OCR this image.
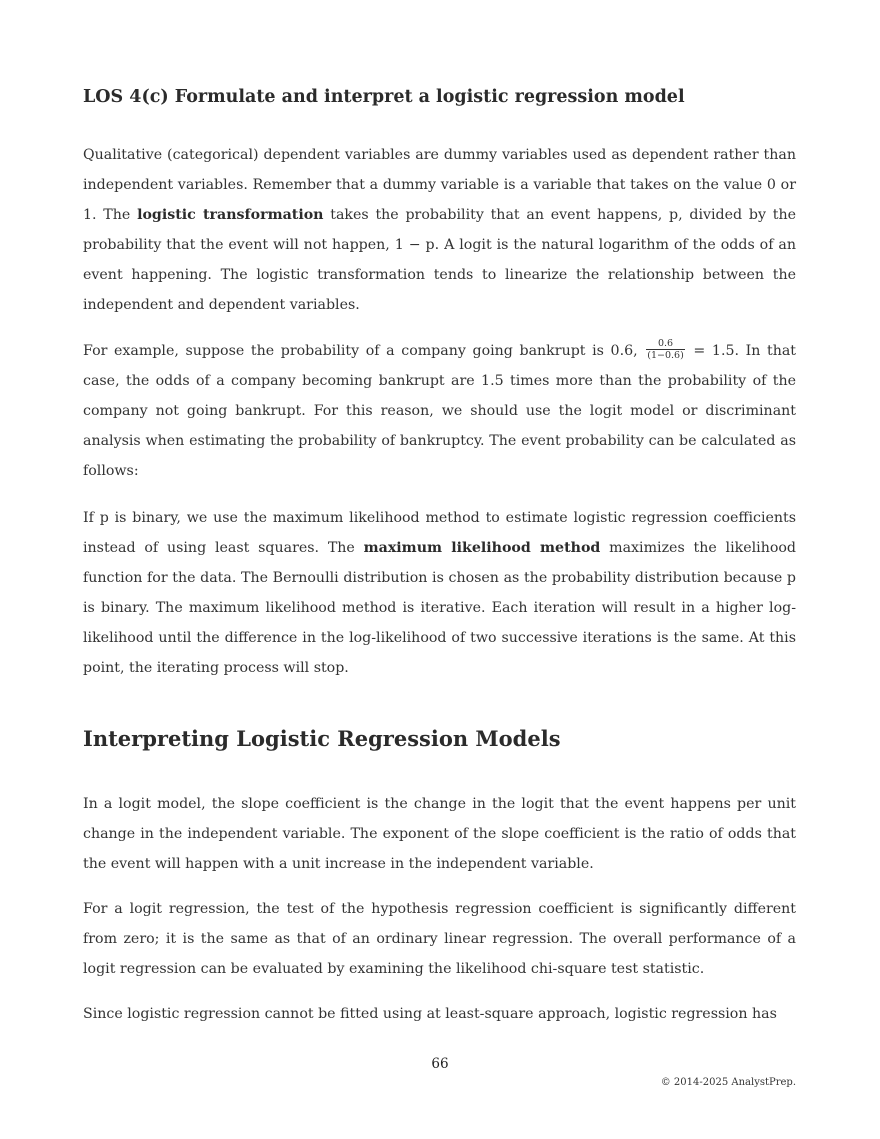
LOS 4(c) Formulate and interpret a logistic regression model

Qualitative (categorical) dependent variables are dummy variables used as dependent rather than independent variables. Remember that a dummy variable is a variable that takes on the value 0 or 1. The logistic transformation takes the probability that an event happens, p, divided by the probability that the event will not happen, 1 − p. A logit is the natural logarithm of the odds of an event happening. The logistic transformation tends to linearize the relationship between the independent and dependent variables.

For example, suppose the probability of a company going bankrupt is 0.6, $\frac{0.6}{(1-0.6)} = 1.5$. In that case, the odds of a company becoming bankrupt are 1.5 times more than the probability of the company not going bankrupt. For this reason, we should use the logit model or discriminant analysis when estimating the probability of bankruptcy. The event probability can be calculated as follows:

If p is binary, we use the maximum likelihood method to estimate logistic regression coefficients instead of using least squares. The maximum likelihood method maximizes the likelihood function for the data. The Bernoulli distribution is chosen as the probability distribution because p is binary. The maximum likelihood method is iterative. Each iteration will result in a higher log-likelihood until the difference in the log-likelihood of two successive iterations is the same. At this point, the iterating process will stop.

Interpreting Logistic Regression Models

In a logit model, the slope coefficient is the change in the logit that the event happens per unit change in the independent variable. The exponent of the slope coefficient is the ratio of odds that the event will happen with a unit increase in the independent variable.

For a logit regression, the test of the hypothesis regression coefficient is significantly different from zero; it is the same as that of an ordinary linear regression. The overall performance of a logit regression can be evaluated by examining the likelihood chi-square test statistic.

Since logistic regression cannot be fitted using at least-square approach, logistic regression has

66
© 2014-2025 AnalystPrep.
